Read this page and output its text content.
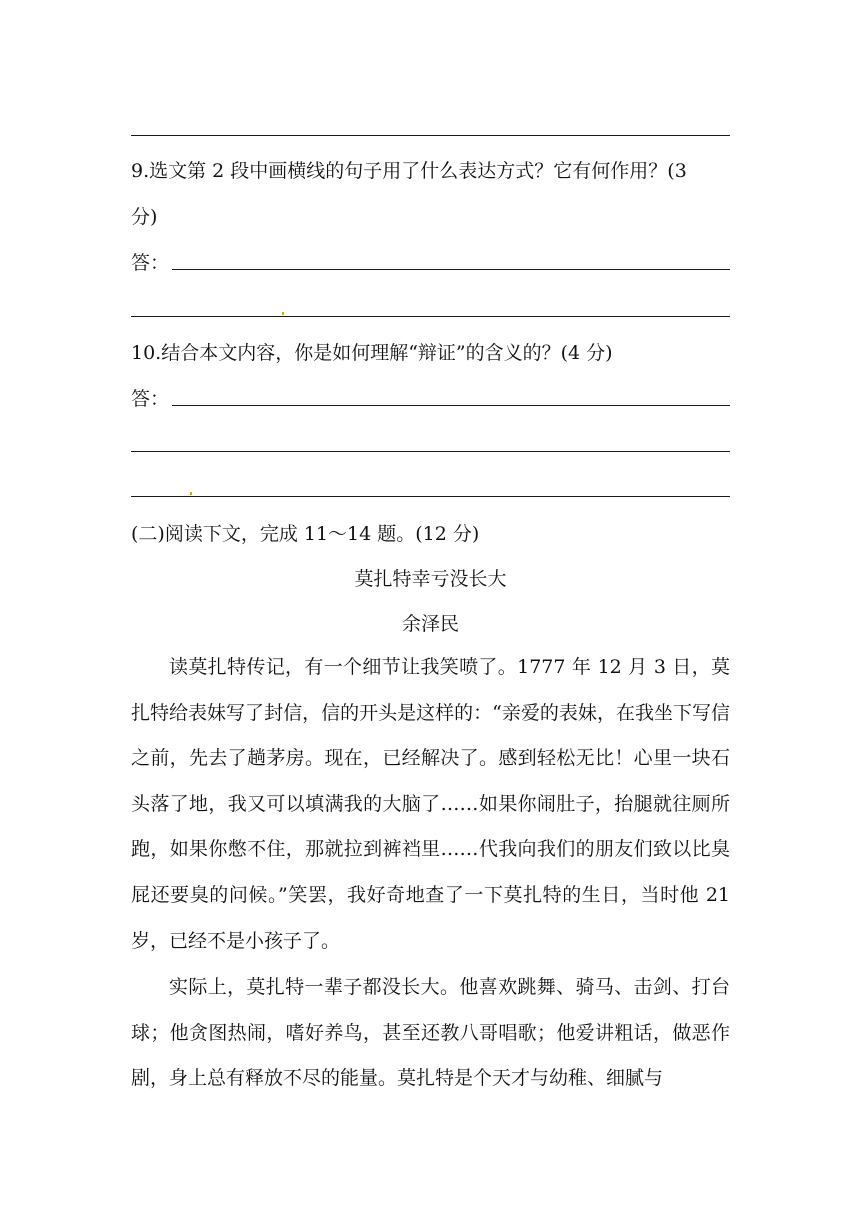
9.选文第 2 段中画横线的句子用了什么表达方式？它有何作用？(3
分)
答：
10.结合本文内容，你是如何理解“辩证”的含义的？(4 分)
答：
(二)阅读下文，完成 11～14 题。(12 分)
莫扎特幸亏没长大
余泽民
读莫扎特传记，有一个细节让我笑喷了。1777 年 12 月 3 日，莫扎特给表妹写了封信，信的开头是这样的：“亲爱的表妹，在我坐下写信之前，先去了趟茅房。现在，已经解决了。感到轻松无比！心里一块石头落了地，我又可以填满我的大脑了……如果你闹肚子，抬腿就往厕所跑，如果你憋不住，那就拉到裤裆里……代我向我们的朋友们致以比臭屁还要臭的问候。”笑罢，我好奇地查了一下莫扎特的生日，当时他 21 岁，已经不是小孩子了。
实际上，莫扎特一辈子都没长大。他喜欢跳舞、骑马、击剑、打台球；他贪图热闹，嗜好养鸟，甚至还教八哥唱歌；他爱讲粗话，做恶作剧，身上总有释放不尽的能量。莫扎特是个天才与幼稚、细腻与
